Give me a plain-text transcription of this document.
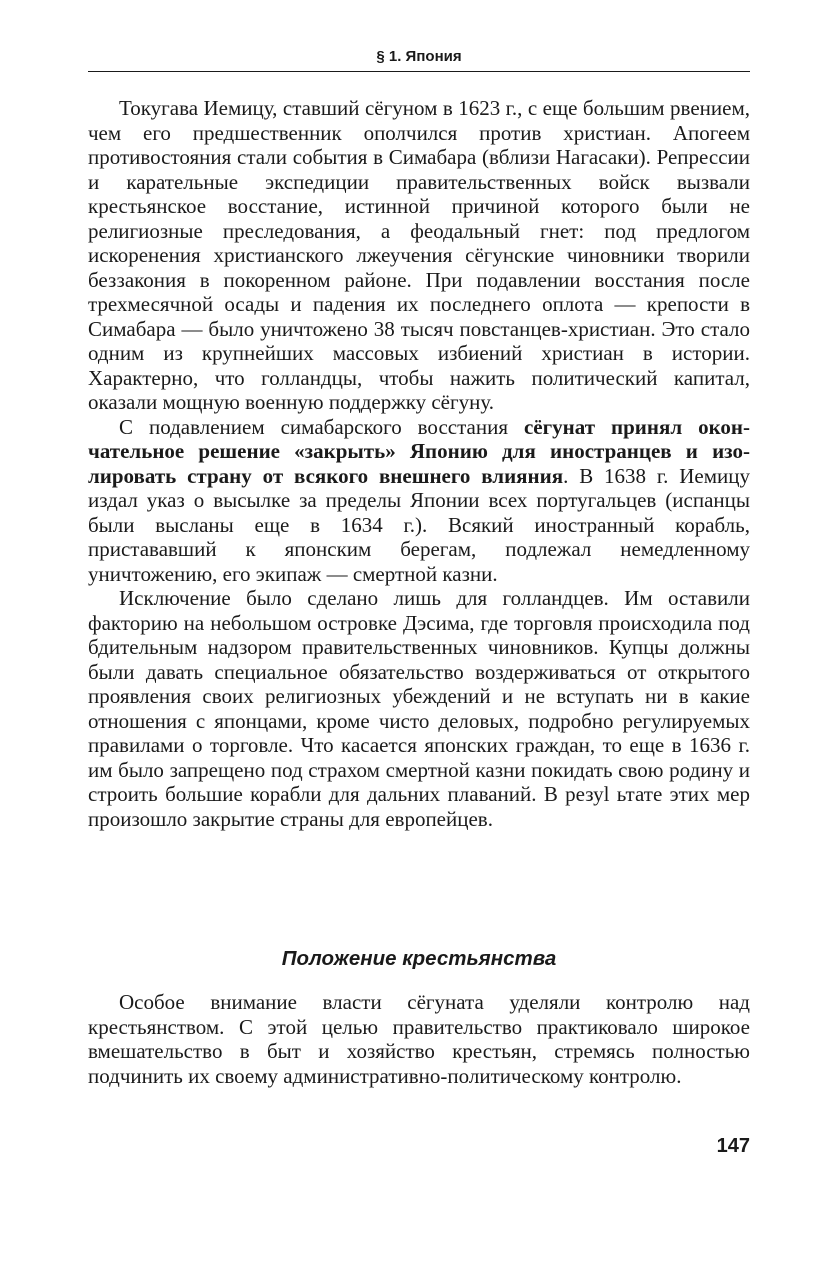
§ 1. Япония

Токугава Иемицу, ставший сёгуном в 1623 г., с еще большим рвением, чем его предшественник ополчился против христиан. Апогеем противостояния стали события в Симабара (вблизи Нагасаки). Репрессии и карательные экспедиции правительственных войск вызвали крестьянское восстание, истинной причиной которого были не религиозные преследования, а феодальный гнет: под предлогом искоренения христианского лжеучения сёгунские чиновники творили беззакония в покоренном районе. При подавлении восстания после трехмесячной осады и падения их последнего оплота — крепости в Симабара — было уничтожено 38 тысяч повстанцев-христиан. Это стало одним из крупнейших массовых избиений христиан в истории. Характерно, что голландцы, чтобы нажить политический капитал, оказали мощную военную поддержку сёгуну.

С подавлением симабарского восстания сёгунат принял окончательное решение «закрыть» Японию для иностранцев и изолировать страну от всякого внешнего влияния. В 1638 г. Иемицу издал указ о высылке за пределы Японии всех португальцев (испанцы были высланы еще в 1634 г.). Всякий иностранный корабль, пристававший к японским берегам, подлежал немедленному уничтожению, его экипаж — смертной казни.

Исключение было сделано лишь для голландцев. Им оставили факторию на небольшом островке Дэсима, где торговля происходила под бдительным надзором правительственных чиновников. Купцы должны были давать специальное обязательство воздерживаться от открытого проявления своих религиозных убеждений и не вступать ни в какие отношения с японцами, кроме чисто деловых, подробно регулируемых правилами о торговле. Что касается японских граждан, то еще в 1636 г. им было запрещено под страхом смертной казни покидать свою родину и строить большие корабли для дальних плаваний. В резуl ьтате этих мер произошло закрытие страны для европейцев.

Положение крестьянства

Особое внимание власти сёгуната уделяли контролю над крестьянством. С этой целью правительство практиковало широкое вмешательство в быт и хозяйство крестьян, стремясь полностью подчинить их своему административно-политическому контролю.

147
